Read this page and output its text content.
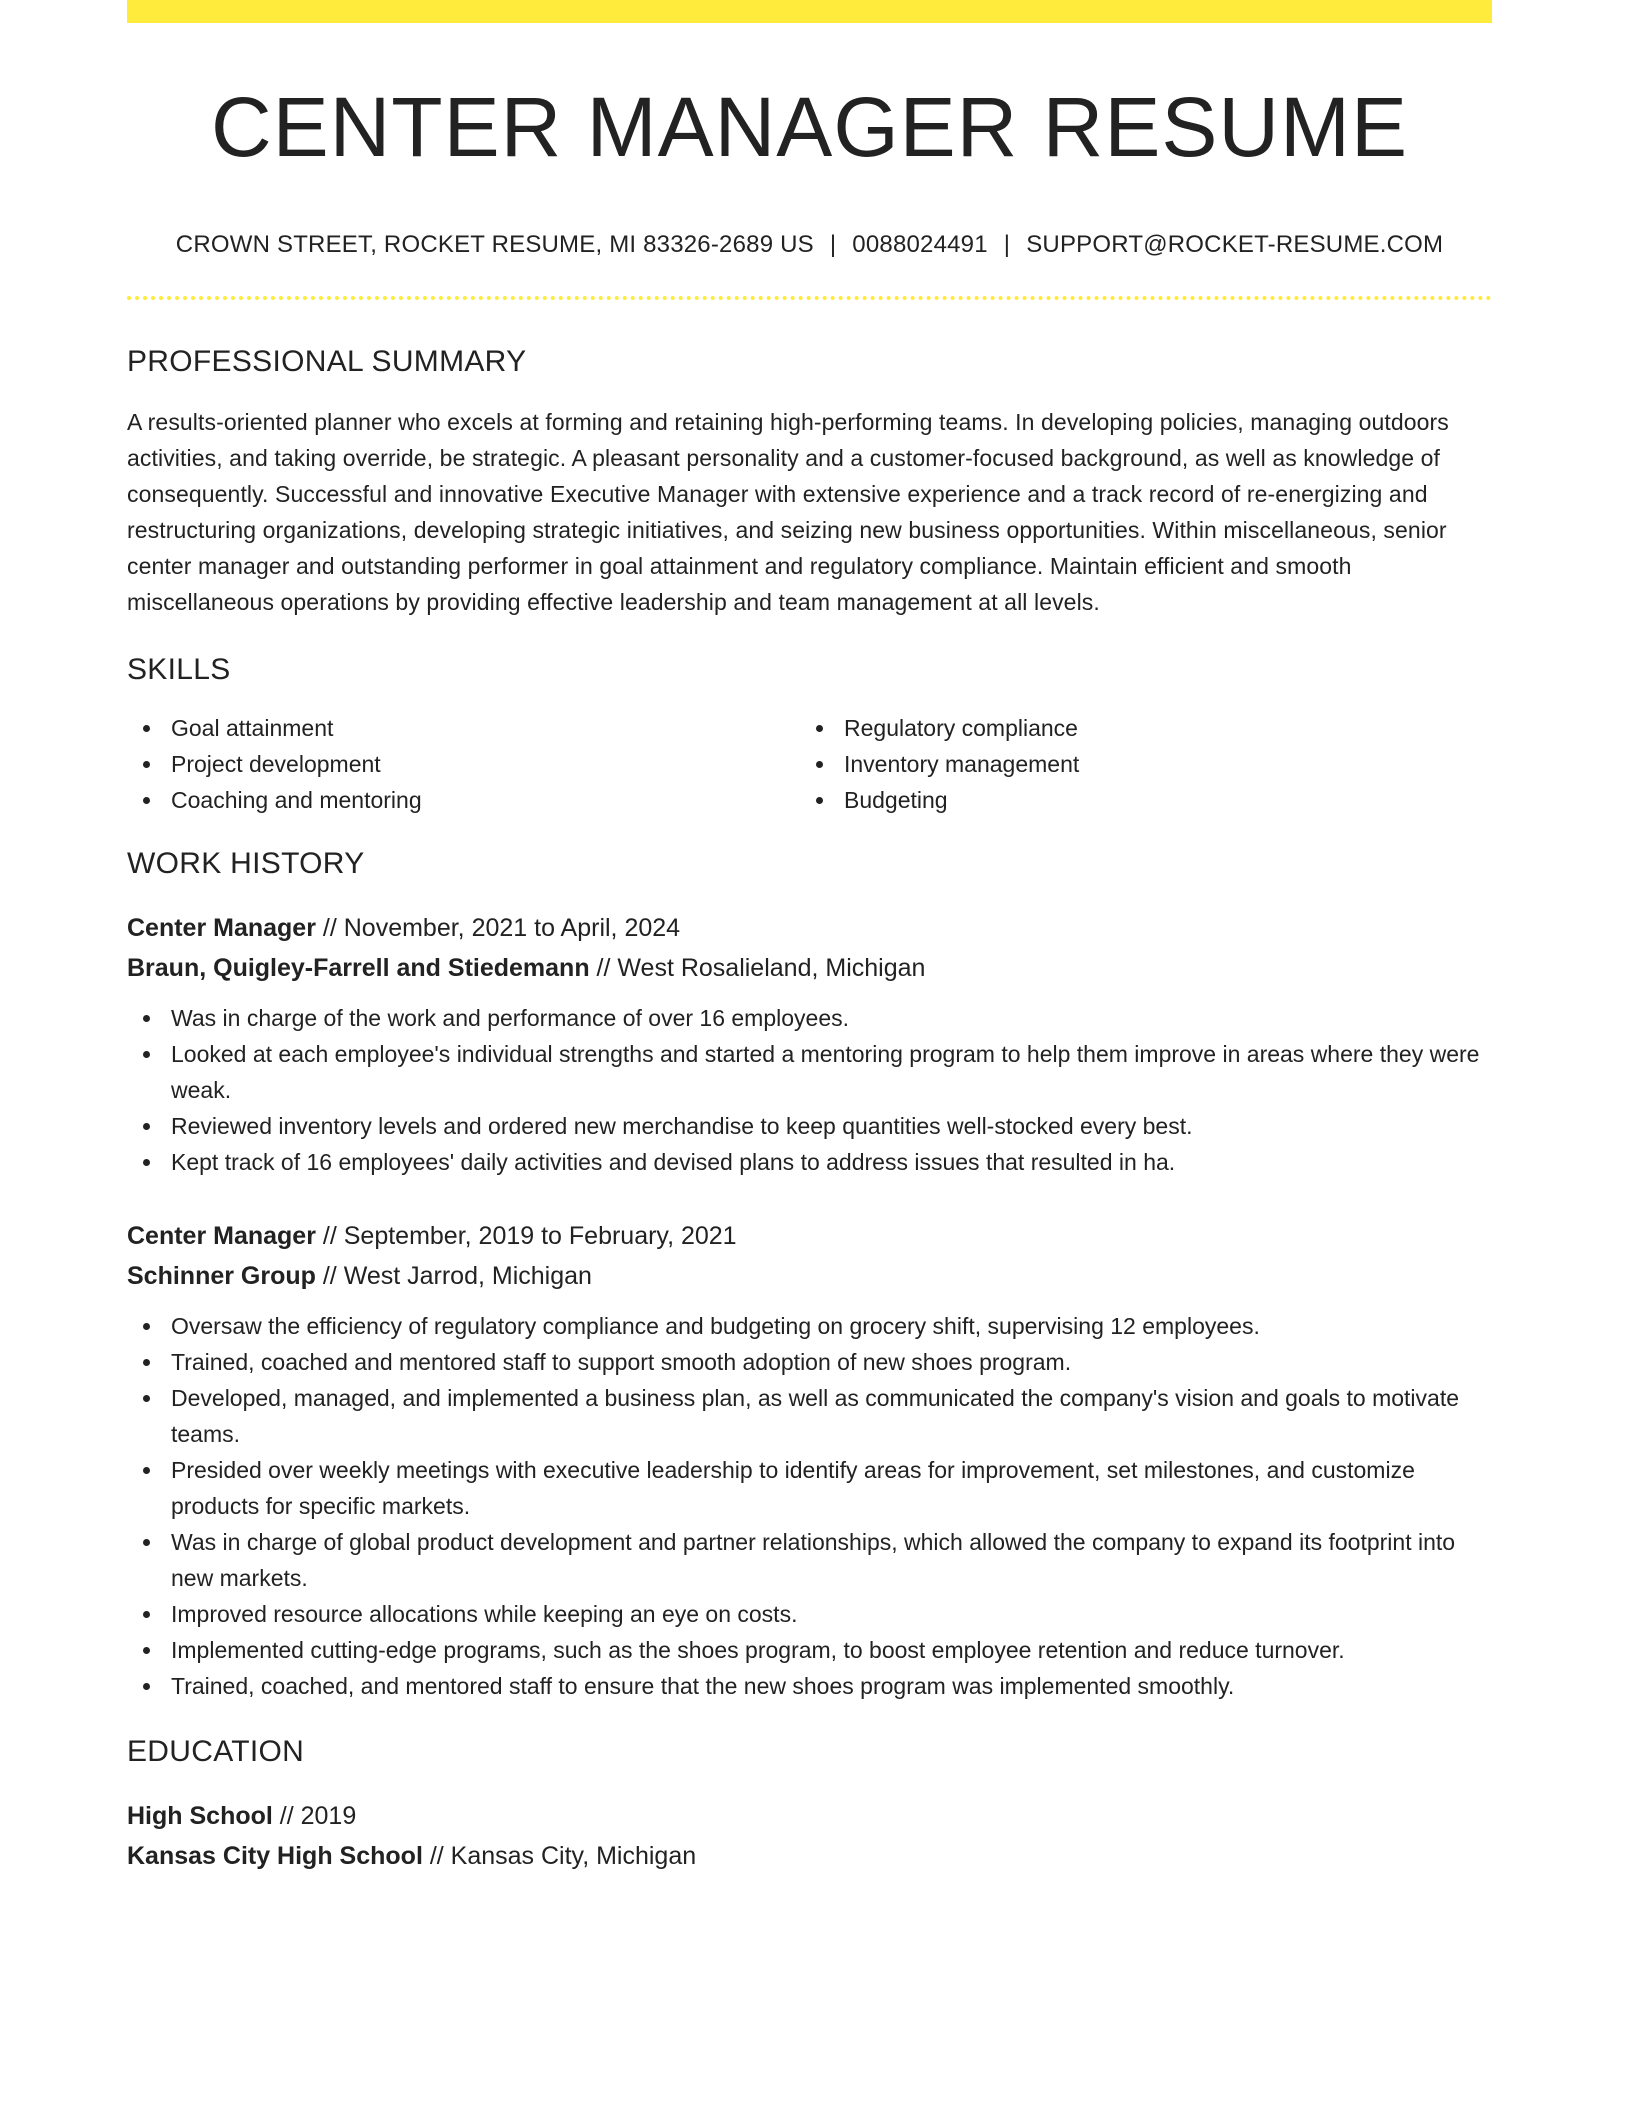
CENTER MANAGER RESUME
CROWN STREET, ROCKET RESUME, MI 83326-2689 US | 0088024491 | SUPPORT@ROCKET-RESUME.COM
PROFESSIONAL SUMMARY

A results-oriented planner who excels at forming and retaining high-performing teams. In developing policies, managing outdoors activities, and taking override, be strategic. A pleasant personality and a customer-focused background, as well as knowledge of consequently. Successful and innovative Executive Manager with extensive experience and a track record of re-energizing and restructuring organizations, developing strategic initiatives, and seizing new business opportunities. Within miscellaneous, senior center manager and outstanding performer in goal attainment and regulatory compliance. Maintain efficient and smooth miscellaneous operations by providing effective leadership and team management at all levels.

SKILLS
Goal attainment
Project development
Coaching and mentoring
Regulatory compliance
Inventory management
Budgeting
WORK HISTORY
Center Manager // November, 2021 to April, 2024
Braun, Quigley-Farrell and Stiedemann // West Rosalieland, Michigan
Was in charge of the work and performance of over 16 employees.
Looked at each employee's individual strengths and started a mentoring program to help them improve in areas where they were weak.
Reviewed inventory levels and ordered new merchandise to keep quantities well-stocked every best.
Kept track of 16 employees' daily activities and devised plans to address issues that resulted in ha.
Center Manager // September, 2019 to February, 2021
Schinner Group // West Jarrod, Michigan
Oversaw the efficiency of regulatory compliance and budgeting on grocery shift, supervising 12 employees.
Trained, coached and mentored staff to support smooth adoption of new shoes program.
Developed, managed, and implemented a business plan, as well as communicated the company's vision and goals to motivate teams.
Presided over weekly meetings with executive leadership to identify areas for improvement, set milestones, and customize products for specific markets.
Was in charge of global product development and partner relationships, which allowed the company to expand its footprint into new markets.
Improved resource allocations while keeping an eye on costs.
Implemented cutting-edge programs, such as the shoes program, to boost employee retention and reduce turnover.
Trained, coached, and mentored staff to ensure that the new shoes program was implemented smoothly.
EDUCATION
High School // 2019
Kansas City High School // Kansas City, Michigan
